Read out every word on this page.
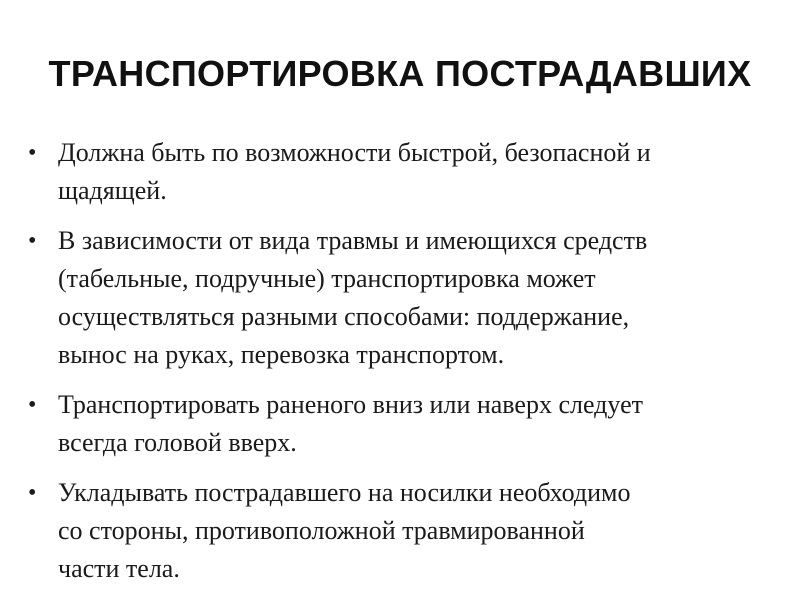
ТРАНСПОРТИРОВКА ПОСТРАДАВШИХ
• Должна быть по возможности быстрой, безопасной и
щадящей.
• В зависимости от вида травмы и имеющихся средств
(табельные, подручные) транспортировка может
осуществляться разными способами: поддержание,
вынос на руках, перевозка транспортом.
• Транспортировать раненого вниз или наверх следует
всегда головой вверх.
• Укладывать пострадавшего на носилки необходимо
со стороны, противоположной травмированной
части тела.
